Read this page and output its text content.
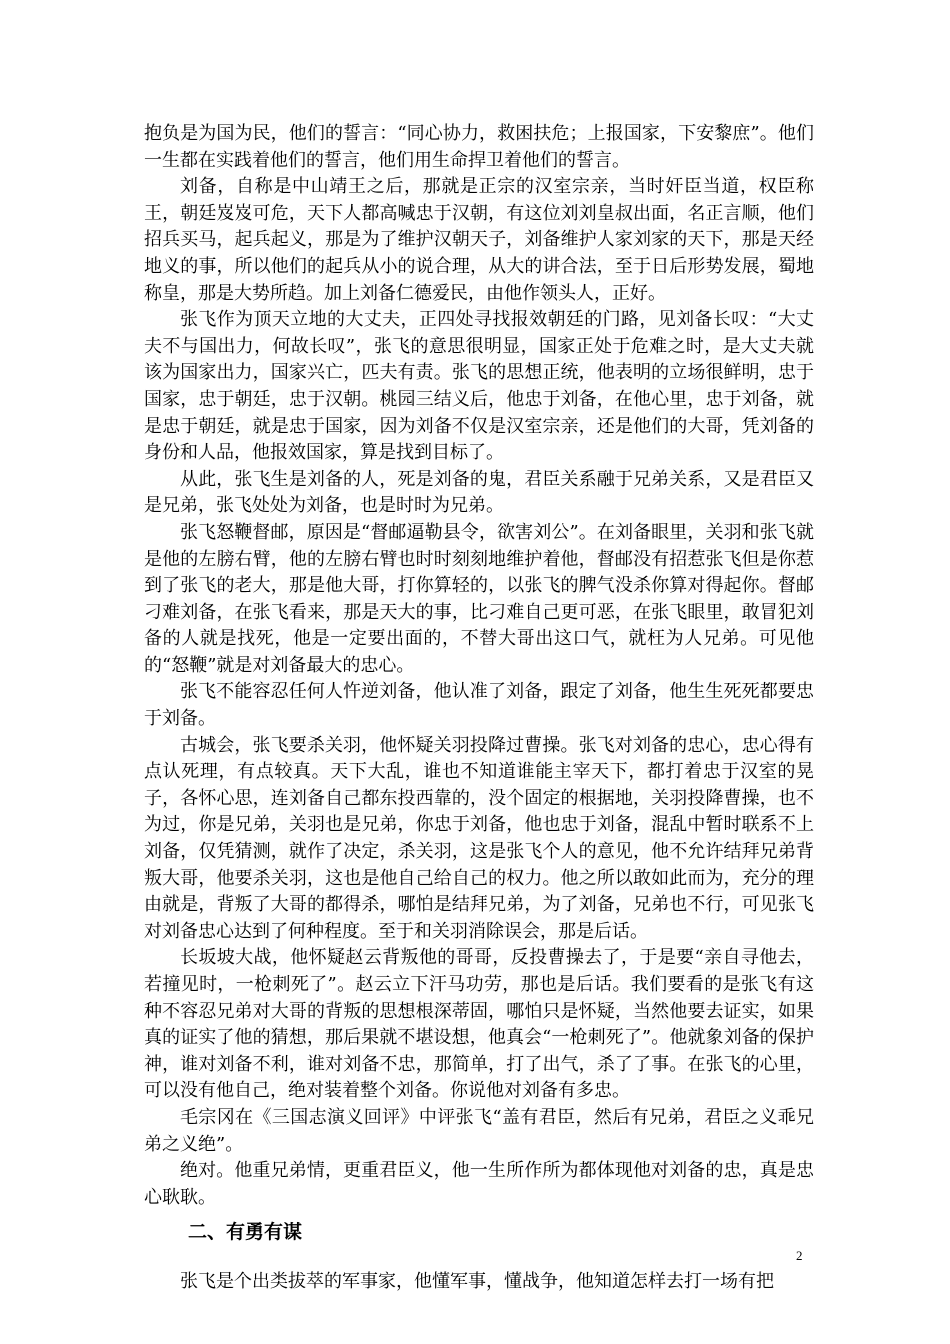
抱负是为国为民，他们的誓言：“同心协力，救困扶危；上报国家，下安黎庶”。他们一生都在实践着他们的誓言，他们用生命捍卫着他们的誓言。

刘备，自称是中山靖王之后，那就是正宗的汉室宗亲，当时奸臣当道，权臣称王，朝廷岌岌可危，天下人都高喊忠于汉朝，有这位刘刘皇叔出面，名正言顺，他们招兵买马，起兵起义，那是为了维护汉朝天子，刘备维护人家刘家的天下，那是天经地义的事，所以他们的起兵从小的说合理，从大的讲合法，至于日后形势发展，蜀地称皇，那是大势所趋。加上刘备仁德爱民，由他作领头人，正好。

张飞作为顶天立地的大丈夫，正四处寻找报效朝廷的门路，见刘备长叹：“大丈夫不与国出力，何故长叹”，张飞的意思很明显，国家正处于危难之时，是大丈夫就该为国家出力，国家兴亡，匹夫有责。张飞的思想正统，他表明的立场很鲜明，忠于国家，忠于朝廷，忠于汉朝。桃园三结义后，他忠于刘备，在他心里，忠于刘备，就是忠于朝廷，就是忠于国家，因为刘备不仅是汉室宗亲，还是他们的大哥，凭刘备的身份和人品，他报效国家，算是找到目标了。

从此，张飞生是刘备的人，死是刘备的鬼，君臣关系融于兄弟关系，又是君臣又是兄弟，张飞处处为刘备，也是时时为兄弟。

张飞怒鞭督邮，原因是“督邮逼勒县令，欲害刘公”。在刘备眼里，关羽和张飞就是他的左膀右臂，他的左膀右臂也时时刻刻地维护着他，督邮没有招惹张飞但是你惹到了张飞的老大，那是他大哥，打你算轻的，以张飞的脾气没杀你算对得起你。督邮刁难刘备，在张飞看来，那是天大的事，比刁难自己更可恶，在张飞眼里，敢冒犯刘备的人就是找死，他是一定要出面的，不替大哥出这口气，就枉为人兄弟。可见他的“怒鞭”就是对刘备最大的忠心。

张飞不能容忍任何人忤逆刘备，他认准了刘备，跟定了刘备，他生生死死都要忠于刘备。

古城会，张飞要杀关羽，他怀疑关羽投降过曹操。张飞对刘备的忠心，忠心得有点认死理，有点较真。天下大乱，谁也不知道谁能主宰天下，都打着忠于汉室的晃子，各怀心思，连刘备自己都东投西靠的，没个固定的根据地，关羽投降曹操，也不为过，你是兄弟，关羽也是兄弟，你忠于刘备，他也忠于刘备，混乱中暂时联系不上刘备，仅凭猜测，就作了决定，杀关羽，这是张飞个人的意见，他不允许结拜兄弟背叛大哥，他要杀关羽，这也是他自己给自己的权力。他之所以敢如此而为，充分的理由就是，背叛了大哥的都得杀，哪怕是结拜兄弟，为了刘备，兄弟也不行，可见张飞对刘备忠心达到了何种程度。至于和关羽消除误会，那是后话。

长坂坡大战，他怀疑赵云背叛他的哥哥，反投曹操去了，于是要“亲自寻他去，若撞见时，一枪刺死了”。赵云立下汗马功劳，那也是后话。我们要看的是张飞有这种不容忍兄弟对大哥的背叛的思想根深蒂固，哪怕只是怀疑，当然他要去证实，如果真的证实了他的猜想，那后果就不堪设想，他真会“一枪刺死了”。他就象刘备的保护神，谁对刘备不利，谁对刘备不忠，那简单，打了出气，杀了了事。在张飞的心里，可以没有他自己，绝对装着整个刘备。你说他对刘备有多忠。

毛宗冈在《三国志演义回评》中评张飞“盖有君臣，然后有兄弟，君臣之义乖兄弟之义绝”。

绝对。他重兄弟情，更重君臣义，他一生所作所为都体现他对刘备的忠，真是忠心耿耿。

二、有勇有谋

张飞是个出类拔萃的军事家，他懂军事，懂战争，他知道怎样去打一场有把

2
